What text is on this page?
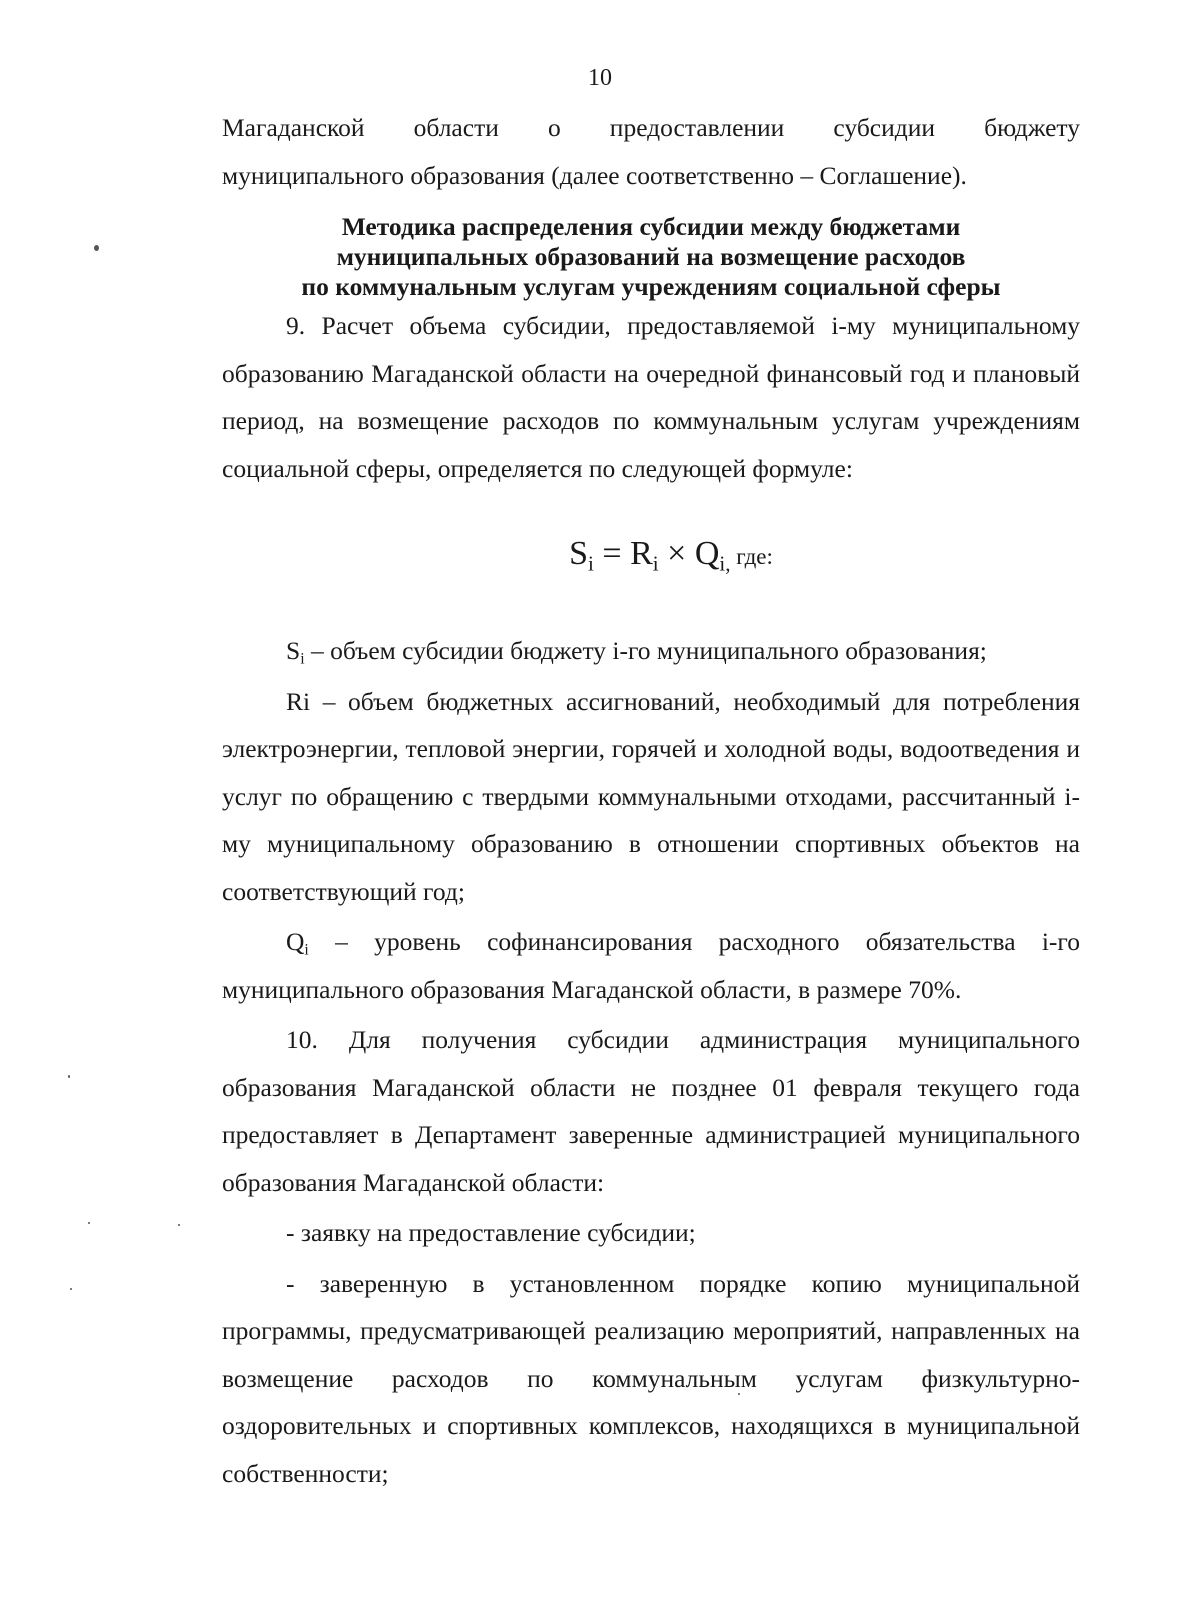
10

Магаданской области о предоставлении субсидии бюджету

муниципального образования (далее соответственно – Соглашение).

Методика распределения субсидии между бюджетами
муниципальных образований на возмещение расходов
по коммунальным услугам учреждениям социальной сферы

9. Расчет объема субсидии, предоставляемой i-му муниципальному образованию Магаданской области на очередной финансовый год и плановый период, на возмещение расходов по коммунальным услугам учреждениям социальной сферы, определяется по следующей формуле:

$S_i = R_i \times Q_{i,}$ где:

$S_i$ – объем субсидии бюджету i-го муниципального образования;

Ri – объем бюджетных ассигнований, необходимый для потребления электроэнергии, тепловой энергии, горячей и холодной воды, водоотведения и услуг по обращению с твердыми коммунальными отходами, рассчитанный i-му муниципальному образованию в отношении спортивных объектов на соответствующий год;

$Q_i$ – уровень софинансирования расходного обязательства i-го муниципального образования Магаданской области, в размере 70%.

10. Для получения субсидии администрация муниципального образования Магаданской области не позднее 01 февраля текущего года предоставляет в Департамент заверенные администрацией муниципального образования Магаданской области:

- заявку на предоставление субсидии;

- заверенную в установленном порядке копию муниципальной программы, предусматривающей реализацию мероприятий, направленных на возмещение расходов по коммунальным услугам физкультурно-оздоровительных и спортивных комплексов, находящихся в муниципальной собственности;
